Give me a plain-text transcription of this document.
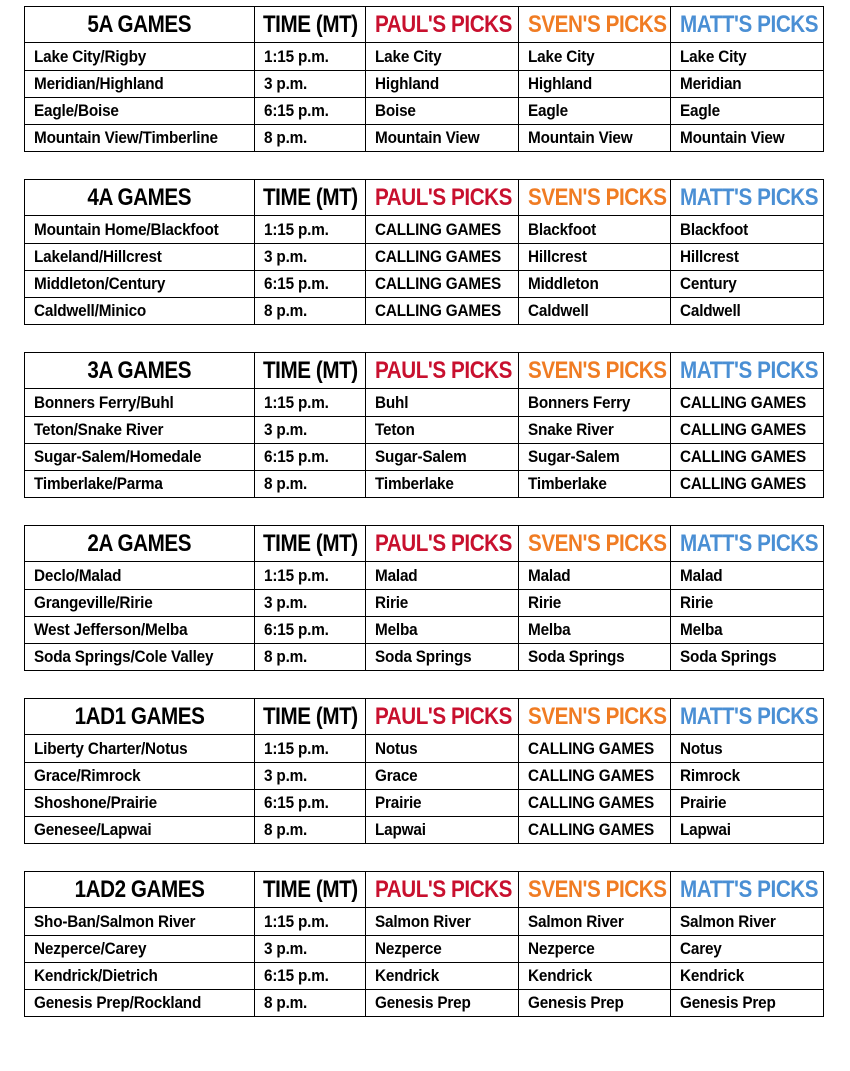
5A GAMES	TIME (MT)	PAUL'S PICKS	SVEN'S PICKS	MATT'S PICKS
Lake City/Rigby	1:15 p.m.	Lake City	Lake City	Lake City
Meridian/Highland	3 p.m.	Highland	Highland	Meridian
Eagle/Boise	6:15 p.m.	Boise	Eagle	Eagle
Mountain View/Timberline	8 p.m.	Mountain View	Mountain View	Mountain View
4A GAMES	TIME (MT)	PAUL'S PICKS	SVEN'S PICKS	MATT'S PICKS
Mountain Home/Blackfoot	1:15 p.m.	CALLING GAMES	Blackfoot	Blackfoot
Lakeland/Hillcrest	3 p.m.	CALLING GAMES	Hillcrest	Hillcrest
Middleton/Century	6:15 p.m.	CALLING GAMES	Middleton	Century
Caldwell/Minico	8 p.m.	CALLING GAMES	Caldwell	Caldwell
3A GAMES	TIME (MT)	PAUL'S PICKS	SVEN'S PICKS	MATT'S PICKS
Bonners Ferry/Buhl	1:15 p.m.	Buhl	Bonners Ferry	CALLING GAMES
Teton/Snake River	3 p.m.	Teton	Snake River	CALLING GAMES
Sugar-Salem/Homedale	6:15 p.m.	Sugar-Salem	Sugar-Salem	CALLING GAMES
Timberlake/Parma	8 p.m.	Timberlake	Timberlake	CALLING GAMES
2A GAMES	TIME (MT)	PAUL'S PICKS	SVEN'S PICKS	MATT'S PICKS
Declo/Malad	1:15 p.m.	Malad	Malad	Malad
Grangeville/Ririe	3 p.m.	Ririe	Ririe	Ririe
West Jefferson/Melba	6:15 p.m.	Melba	Melba	Melba
Soda Springs/Cole Valley	8 p.m.	Soda Springs	Soda Springs	Soda Springs
1AD1 GAMES	TIME (MT)	PAUL'S PICKS	SVEN'S PICKS	MATT'S PICKS
Liberty Charter/Notus	1:15 p.m.	Notus	CALLING GAMES	Notus
Grace/Rimrock	3 p.m.	Grace	CALLING GAMES	Rimrock
Shoshone/Prairie	6:15 p.m.	Prairie	CALLING GAMES	Prairie
Genesee/Lapwai	8 p.m.	Lapwai	CALLING GAMES	Lapwai
1AD2 GAMES	TIME (MT)	PAUL'S PICKS	SVEN'S PICKS	MATT'S PICKS
Sho-Ban/Salmon River	1:15 p.m.	Salmon River	Salmon River	Salmon River
Nezperce/Carey	3 p.m.	Nezperce	Nezperce	Carey
Kendrick/Dietrich	6:15 p.m.	Kendrick	Kendrick	Kendrick
Genesis Prep/Rockland	8 p.m.	Genesis Prep	Genesis Prep	Genesis Prep
